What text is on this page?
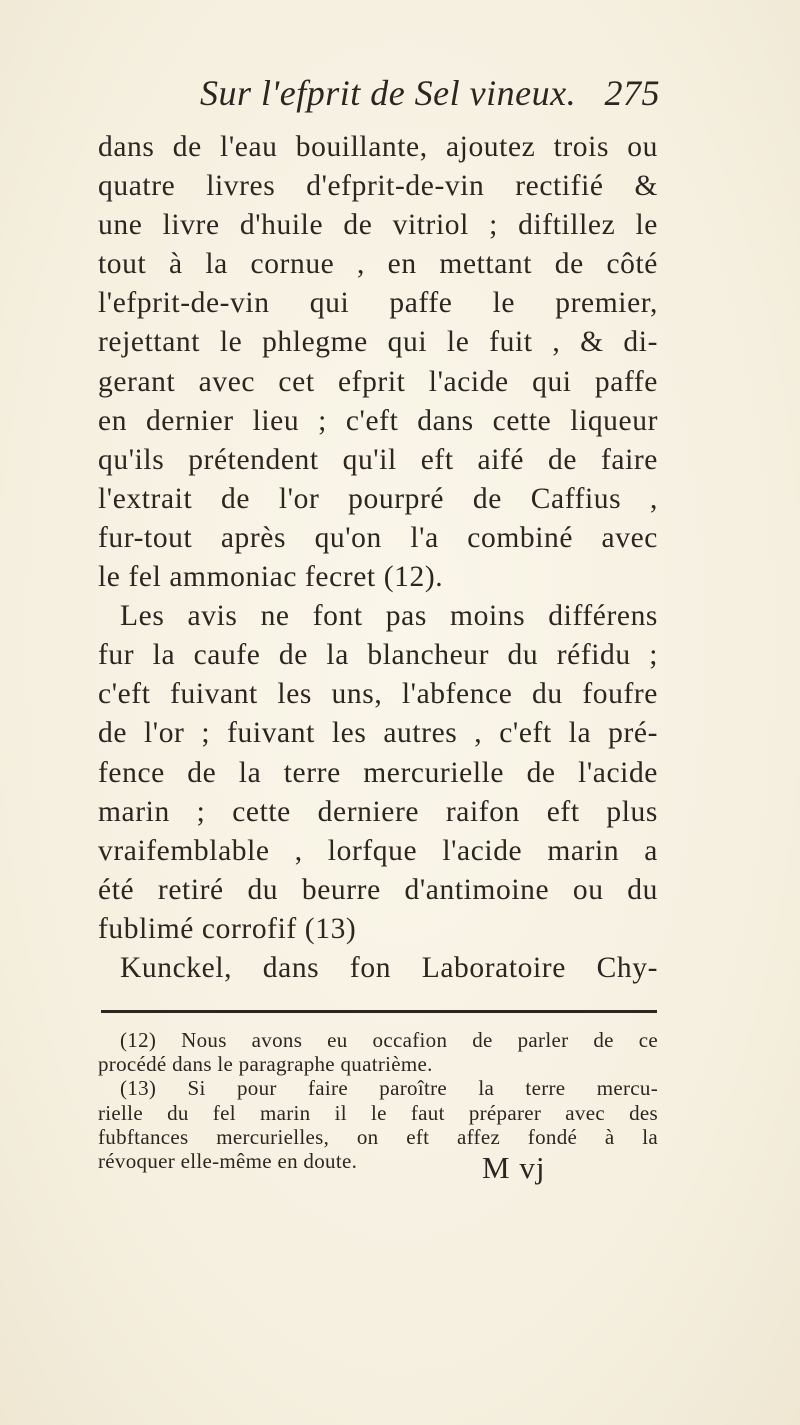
Sur l'efprit de Sel vineux. 275
dans de l'eau bouillante, ajoutez trois ou
quatre livres d'efprit-de-vin rectifié &
une livre d'huile de vitriol ; diftillez le
tout à la cornue , en mettant de côté
l'efprit-de-vin qui paffe le premier,
rejettant le phlegme qui le fuit , & di-
gerant avec cet efprit l'acide qui paffe
en dernier lieu ; c'eft dans cette liqueur
qu'ils prétendent qu'il eft aifé de faire
l'extrait de l'or pourpré de Caffius ,
fur-tout après qu'on l'a combiné avec
le fel ammoniac fecret (12).
Les avis ne font pas moins différens
fur la caufe de la blancheur du réfidu ;
c'eft fuivant les uns, l'abfence du foufre
de l'or ; fuivant les autres , c'eft la pré-
fence de la terre mercurielle de l'acide
marin ; cette derniere raifon eft plus
vraifemblable , lorfque l'acide marin a
été retiré du beurre d'antimoine ou du
fublimé corrofif (13)
Kunckel, dans fon Laboratoire Chy-
(12) Nous avons eu occafion de parler de ce
procédé dans le paragraphe quatrième.
(13) Si pour faire paroître la terre mercu-
rielle du fel marin il le faut préparer avec des
fubftances mercurielles, on eft affez fondé à la
révoquer elle-même en doute.	M vj
